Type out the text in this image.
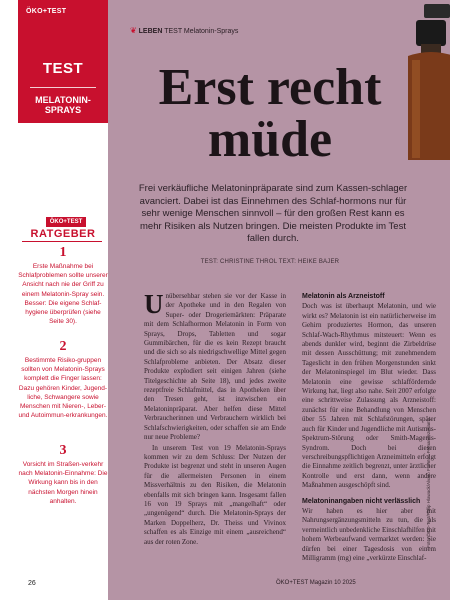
ÖKO+TEST
TEST
MELATONIN-SPRAYS
ÖKO+TEST
RATGEBER
1
Erste Maßnahme bei Schlafproblemen sollte unserer Ansicht nach nie der Griff zu einem Melatonin-Spray sein. Besser: Die eigene Schlaf-hygiene überprüfen (siehe Seite 30).
2
Bestimmte Risiko-gruppen sollten von Melatonin-Sprays komplett die Finger lassen: Dazu gehören Kinder, Jugend-liche, Schwangere sowie Menschen mit Nieren-, Leber- und Autoimmun-erkrankungen.
3
Vorsicht im Straßen-verkehr nach Melatonin-Einnahme: Die Wirkung kann bis in den nächsten Morgen hinein anhalten.
26
❦ LEBEN TEST Melatonin-Sprays
Erst recht
müde
Frei verkäufliche Melatoninpräparate sind zum Kassen-schlager avanciert. Dabei ist das Einnehmen des Schlaf-hormons nur für sehr wenige Menschen sinnvoll – für den großen Rest kann es mehr Risiken als Nutzen bringen. Die meisten Produkte im Test fallen durch.
TEST: CHRISTINE THROL TEXT: HEIKE BAJER

Unübersehbar stehen sie vor der Kasse in der Apotheke und in den Regalen von Super- oder Drogeriemärkten: Präparate mit dem Schlafhormon Melatonin in Form von Sprays, Drops, Tabletten und sogar Gummibärchen, für die es kein Rezept braucht und die sich so als niedrigschwellige Mittel gegen Schlafprobleme anbieten. Der Absatz dieser Produkte explodiert seit einigen Jahren (siehe Titelgeschichte ab Seite 18), und jedes zweite rezeptfreie Schlafmittel, das in Apotheken über den Tresen geht, ist inzwischen ein Melatoninpräparat. Aber helfen diese Mittel Verbraucherinnen und Verbrauchern wirklich bei Schlafschwierigkeiten, oder schaffen sie am Ende nur neue Probleme?

In unserem Test von 19 Melatonin-Sprays kommen wir zu dem Schluss: Der Nutzen der Produkte ist begrenzt und steht in unseren Augen für die allermeisten Personen in einem Missverhältnis zu den Risiken, die Melatonin ebenfalls mit sich bringen kann. Insgesamt fallen 16 von 19 Sprays mit „mangelhaft“ oder „ungenügend“ durch. Die Melatonin-Sprays der Marken Doppelherz, Dr. Theiss und Vivinox schaffen es als Einzige mit einem „ausreichend“ aus der roten Zone.

Melatonin als Arzneistoff

Doch was ist überhaupt Melatonin, und wie wirkt es? Melatonin ist ein natürlicherweise im Gehirn produziertes Hormon, das unseren Schlaf-Wach-Rhythmus mitsteuert: Wenn es abends dunkler wird, beginnt die Zirbeldrüse mit dessen Ausschüttung; mit zunehmendem Tageslicht in den frühen Morgenstunden sinkt der Melatoninspiegel im Blut wieder. Dass Melatonin eine gewisse schlaffördernde Wirkung hat, liegt also nahe. Seit 2007 erfolgte eine schrittweise Zulassung als Arzneistoff: zunächst für eine Behandlung von Menschen über 55 Jahren mit Schlafstörungen, später auch für Kinder und Jugendliche mit Autismus-Spektrum-Störung oder Smith-Magenis-Syndrom. Doch bei diesen verschreibungspflichtigen Arzneimitteln erfolgt die Einnahme zeitlich begrenzt, unter ärztlicher Kontrolle und erst dann, wenn andere Maßnahmen ausgeschöpft sind.

Melatoninangaben nicht verlässlich

Wir haben es hier aber mit Nahrungsergänzungsmitteln zu tun, die als vermeintlich unbedenkliche Einschlafhilfen mit hohem Werbeaufwand vermarktet werden: Sie dürfen bei einer Tagesdosis von einem Milligramm (mg) eine „verkürzte Einschlaf-

Foto: ÖKO-Test/Philip Hlawack/Alvaro Fuentes-Fernandez/Alamy
ÖKO+TEST Magazin 10 2025
